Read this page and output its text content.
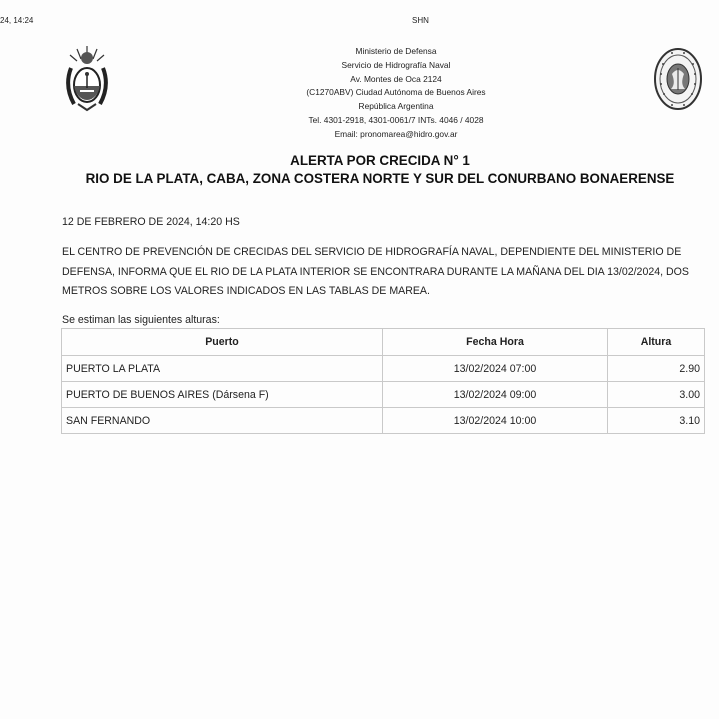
24, 14:24	SHN
Ministerio de Defensa
Servicio de Hidrografía Naval
Av. Montes de Oca 2124
(C1270ABV) Ciudad Autónoma de Buenos Aires
República Argentina
Tel. 4301-2918, 4301-0061/7 INTs. 4046 / 4028
Email: pronomarea@hidro.gov.ar
ALERTA POR CRECIDA N° 1
RIO DE LA PLATA, CABA, ZONA COSTERA NORTE Y SUR DEL CONURBANO BONAERENSE
12 DE FEBRERO DE 2024, 14:20 HS
EL CENTRO DE PREVENCIÓN DE CRECIDAS DEL SERVICIO DE HIDROGRAFÍA NAVAL, DEPENDIENTE DEL MINISTERIO DE DEFENSA, INFORMA QUE EL RIO DE LA PLATA INTERIOR SE ENCONTRARA DURANTE LA MAÑANA DEL DIA 13/02/2024, DOS METROS SOBRE LOS VALORES INDICADOS EN LAS TABLAS DE MAREA.
Se estiman las siguientes alturas:
Puerto	Fecha Hora	Altura
PUERTO LA PLATA	13/02/2024 07:00	2.90
PUERTO DE BUENOS AIRES (Dársena F)	13/02/2024 09:00	3.00
SAN FERNANDO	13/02/2024 10:00	3.10
